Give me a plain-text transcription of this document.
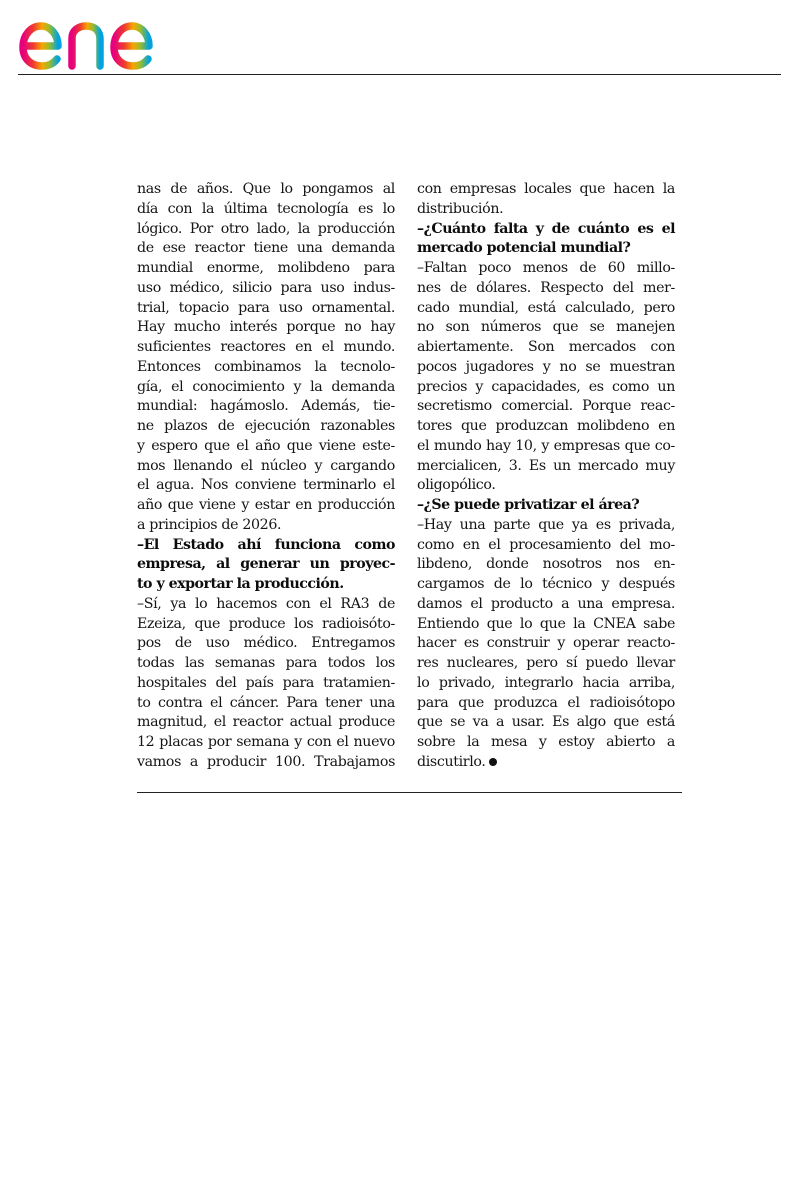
nas de años. Que lo pongamos al
día con la última tecnología es lo
lógico. Por otro lado, la producción
de ese reactor tiene una demanda
mundial enorme, molibdeno para
uso médico, silicio para uso indus-
trial, topacio para uso ornamental.
Hay mucho interés porque no hay
suficientes reactores en el mundo.
Entonces combinamos la tecnolo-
gía, el conocimiento y la demanda
mundial: hagámoslo. Además, tie-
ne plazos de ejecución razonables
y espero que el año que viene este-
mos llenando el núcleo y cargando
el agua. Nos conviene terminarlo el
año que viene y estar en producción
a principios de 2026.
–El Estado ahí funciona como
empresa, al generar un proyec-
to y exportar la producción.
–Sí, ya lo hacemos con el RA3 de
Ezeiza, que produce los radioisóto-
pos de uso médico. Entregamos
todas las semanas para todos los
hospitales del país para tratamien-
to contra el cáncer. Para tener una
magnitud, el reactor actual produce
12 placas por semana y con el nuevo
vamos a producir 100. Trabajamos
con empresas locales que hacen la
distribución.
–¿Cuánto falta y de cuánto es el
mercado potencial mundial?
–Faltan poco menos de 60 millo-
nes de dólares. Respecto del mer-
cado mundial, está calculado, pero
no son números que se manejen
abiertamente. Son mercados con
pocos jugadores y no se muestran
precios y capacidades, es como un
secretismo comercial. Porque reac-
tores que produzcan molibdeno en
el mundo hay 10, y empresas que co-
mercialicen, 3. Es un mercado muy
oligopólico.
–¿Se puede privatizar el área?
–Hay una parte que ya es privada,
como en el procesamiento del mo-
libdeno, donde nosotros nos en-
cargamos de lo técnico y después
damos el producto a una empresa.
Entiendo que lo que la CNEA sabe
hacer es construir y operar reacto-
res nucleares, pero sí puedo llevar
lo privado, integrarlo hacia arriba,
para que produzca el radioisótopo
que se va a usar. Es algo que está
sobre la mesa y estoy abierto a
discutirlo.
